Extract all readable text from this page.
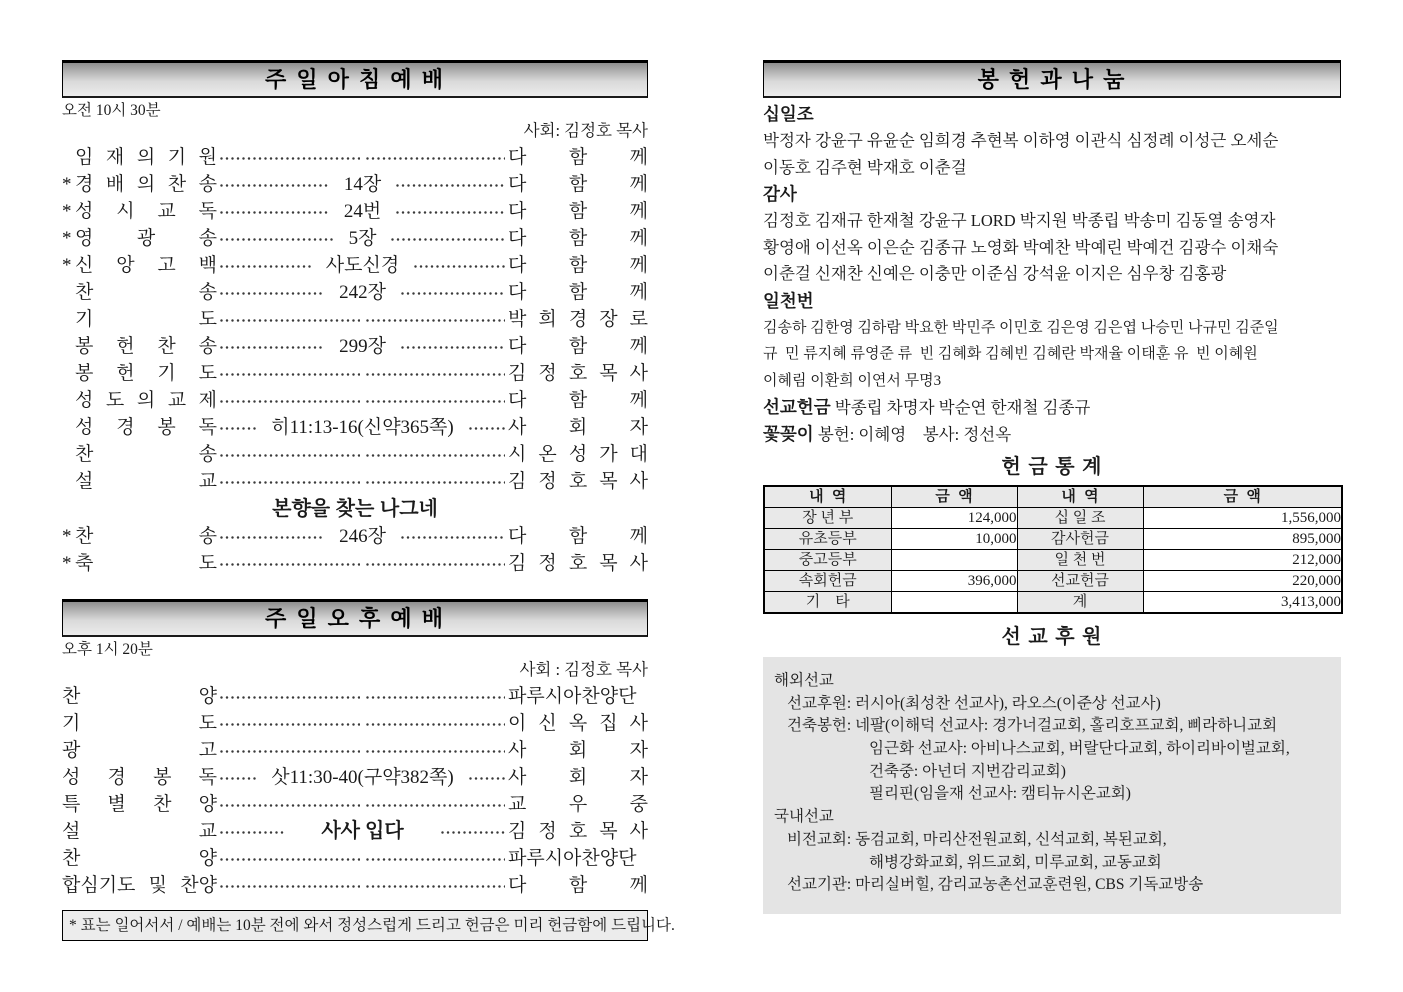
주 일 아 침 예 배
오전 10시 30분
사회: 김정호 목사
임 재 의 기 원	다 함 께
* 경 배 의 찬 송	14장	다 함 께
* 성 시 교 독	24번	다 함 께
* 영 광 송	5장	다 함 께
* 신 앙 고 백	사도신경	다 함 께
찬 송	242장	다 함 께
기 도	박 희 경 장 로
봉 헌 찬 송	299장	다 함 께
봉 헌 기 도	김 정 호 목 사
성 도 의 교 제	다 함 께
성 경 봉 독	히11:13-16(신약365쪽)	사 회 자
찬 송	시 온 성 가 대
설 교	김 정 호 목 사
본향을 찾는 나그네
* 찬 송	246장	다 함 께
* 축 도	김 정 호 목 사
주 일 오 후 예 배
오후 1시 20분
사회 : 김정호 목사
찬 양	파루시아찬양단
기 도	이 신 옥 집 사
광 고	사 회 자
성 경 봉 독	삿11:30-40(구약382쪽)	사 회 자
특 별 찬 양	교 우 중
설 교	사사 입다	김 정 호 목 사
찬 양	파루시아찬양단
합심기도 및 찬양	다 함 께
* 표는 일어서서 / 예배는 10분 전에 와서 정성스럽게 드리고 헌금은 미리 헌금함에 드립니다.
봉 헌 과 나 눔
십일조
박정자 강윤구 유윤순 임희경 추현복 이하영 이관식 심정례 이성근 오세순
이동호 김주현 박재호 이춘걸
감사
김정호 김재규 한재철 강윤구 LORD 박지원 박종립 박송미 김동열 송영자
황영애 이선옥 이은순 김종규 노영화 박예찬 박예린 박예건 김광수 이채숙
이춘걸 신재찬 신예은 이충만 이준심 강석윤 이지은 심우창 김홍광
일천번
김송하 김한영 김하람 박요한 박민주 이민호 김은영 김은엽 나승민 나규민 김준일
규  민 류지혜 류영준 류  빈 김혜화 김혜빈 김혜란 박재율 이태훈 유  빈 이혜원
이혜림 이환희 이연서 무명3
선교헌금 박종립 차명자 박순연 한재철 김종규
꽃꽂이 봉헌: 이혜영    봉사: 정선옥
헌 금 통 계
내  역	금  액	내  역	금  액
장 년 부	124,000	십 일 조	1,556,000
유초등부	10,000	감사헌금	895,000
중고등부		일 천 번	212,000
속회헌금	396,000	선교헌금	220,000
기    타		계	3,413,000
선 교 후 원
해외선교
선교후원: 러시아(최성찬 선교사), 라오스(이준상 선교사)
건축봉헌: 네팔(이해덕 선교사: 경가너걸교회, 홀리호프교회, 삐라하니교회
임근화 선교사: 아비나스교회, 버랄단다교회, 하이리바이벌교회,
건축중: 아넌더 지번감리교회)
필리핀(임을재 선교사: 캠티뉴시온교회)
국내선교
비전교회: 동검교회, 마리산전원교회, 신석교회, 복된교회,
해병강화교회, 위드교회, 미루교회, 교동교회
선교기관: 마리실버힐, 감리교농촌선교훈련원, CBS 기독교방송
